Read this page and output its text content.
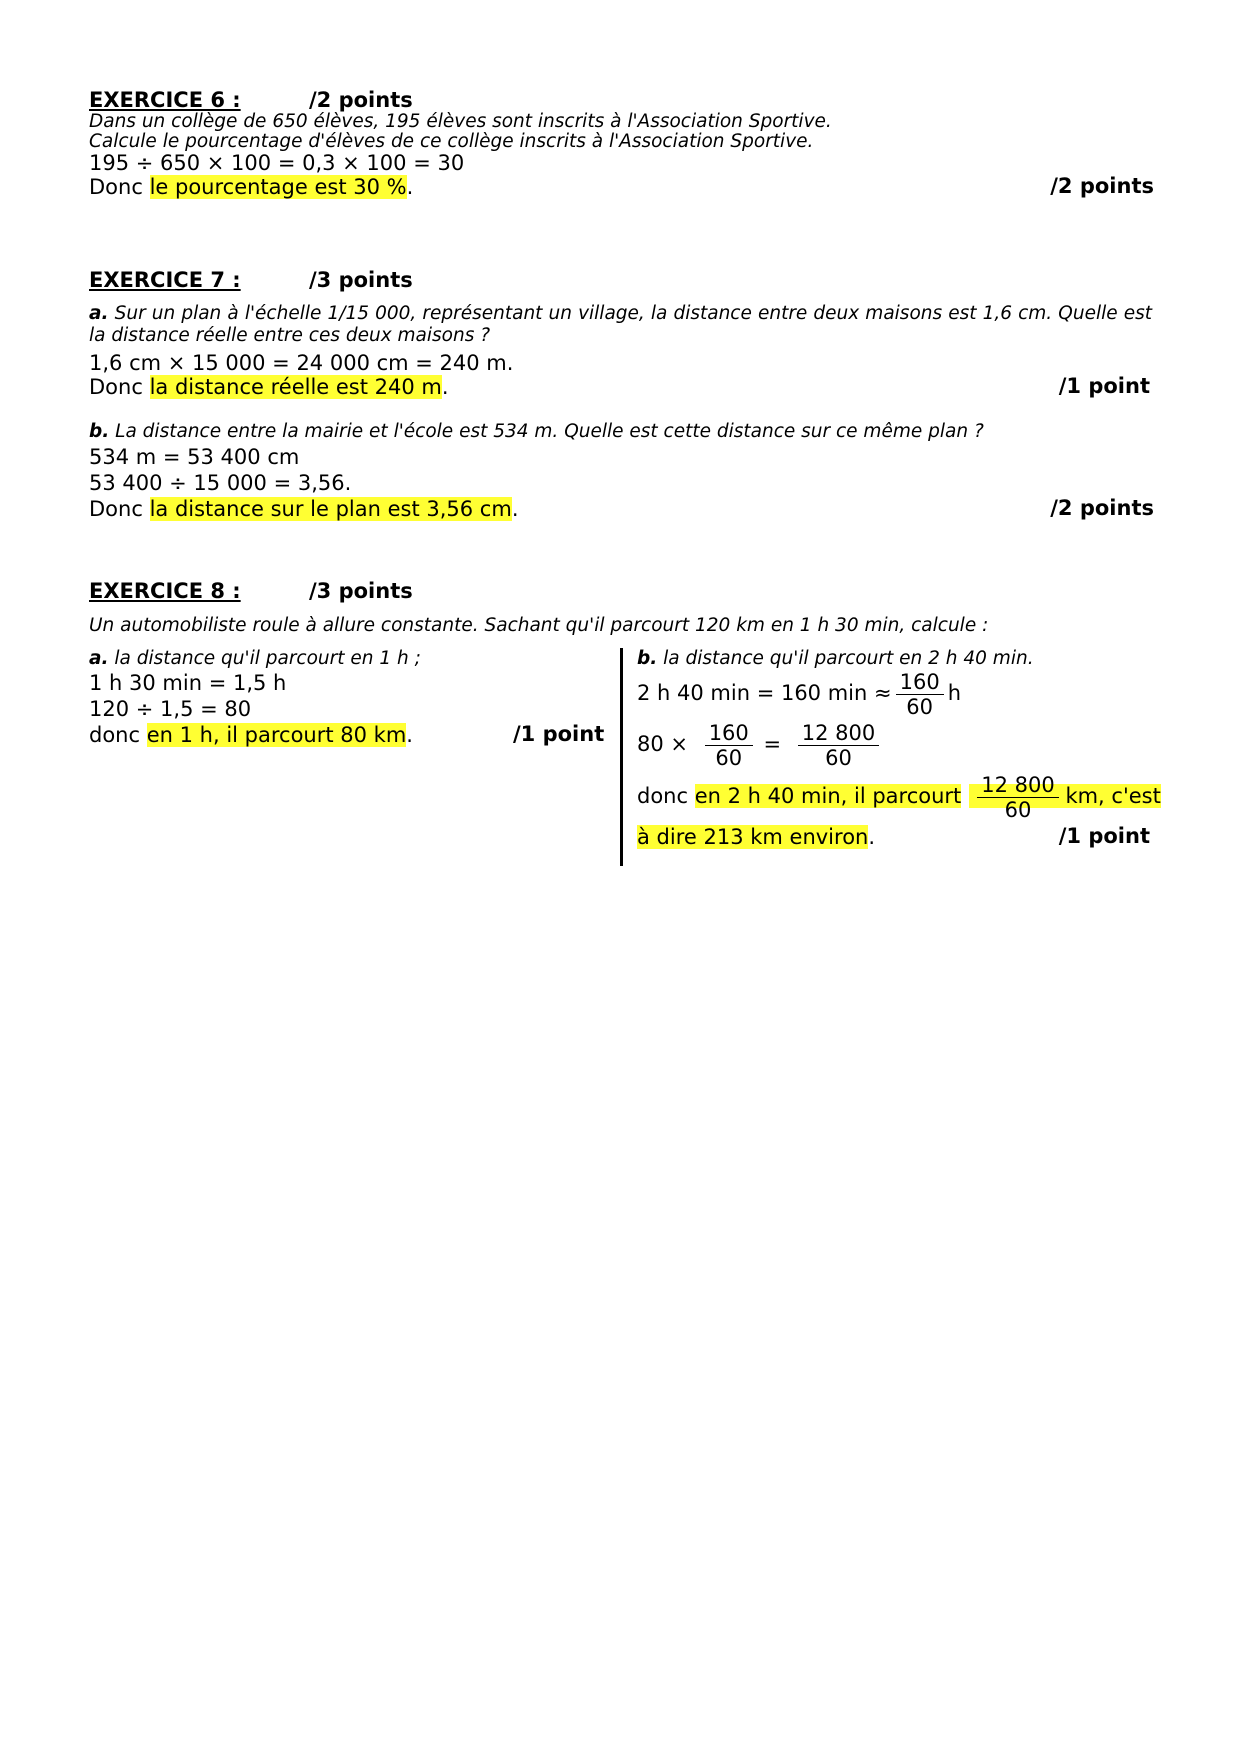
EXERCICE 6 :	/2 points
Dans un collège de 650 élèves, 195 élèves sont inscrits à l'Association Sportive.
Calcule le pourcentage d'élèves de ce collège inscrits à l'Association Sportive.
195 ÷ 650 × 100 = 0,3 × 100 = 30
Donc le pourcentage est 30 %.	/2 points
EXERCICE 7 :	/3 points
a. Sur un plan à l'échelle 1/15 000, représentant un village, la distance entre deux maisons est 1,6 cm. Quelle est la distance réelle entre ces deux maisons ?
1,6 cm × 15 000 = 24 000 cm = 240 m.
Donc la distance réelle est 240 m.	/1 point
b. La distance entre la mairie et l'école est 534 m. Quelle est cette distance sur ce même plan ?
534 m = 53 400 cm
53 400 ÷ 15 000 = 3,56.
Donc la distance sur le plan est 3,56 cm.	/2 points
EXERCICE 8 :	/3 points
Un automobiliste roule à allure constante. Sachant qu'il parcourt 120 km en 1 h 30 min, calcule :
a. la distance qu'il parcourt en 1 h ;
1 h 30 min = 1,5 h
120 ÷ 1,5 = 80
donc en 1 h, il parcourt 80 km.	/1 point
b. la distance qu'il parcourt en 2 h 40 min.
2 h 40 min = 160 $\min \approx \frac{160}{60}$ h
$80 \times \frac{160}{60} = \frac{12 800}{60}$
donc en 2 h 40 min, il parcourt $\frac{12 800}{60}$ km, c'est
à dire 213 km environ.	/1 point
